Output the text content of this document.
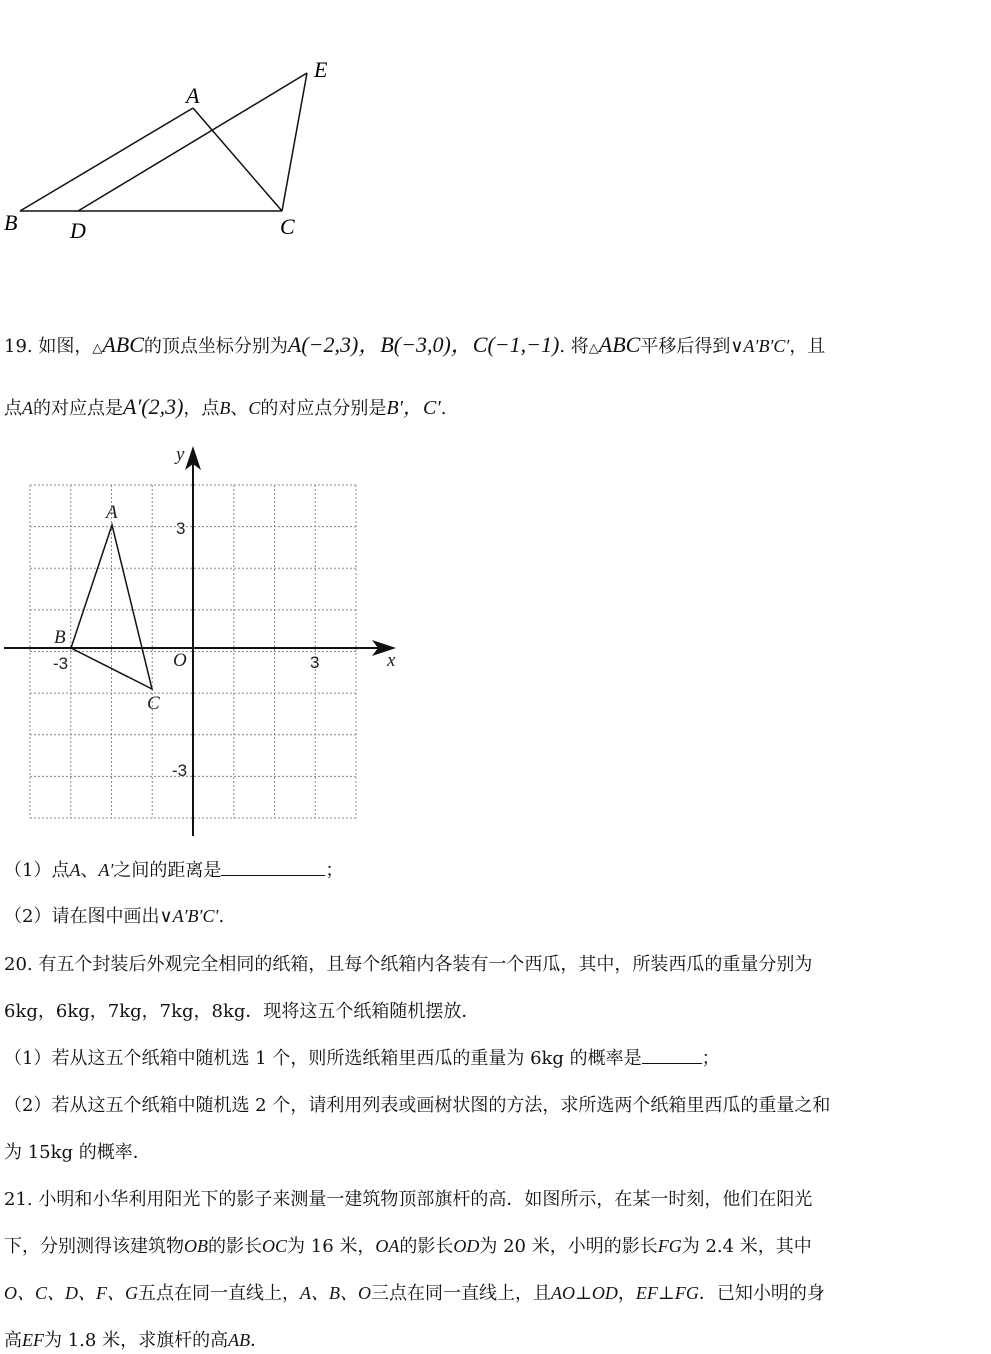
A
E
B D	C
19. 如图，△ABC的顶点坐标分别为A(−2,3)，B(−3,0)，C(−1,−1). 将△ABC平移后得到∨A′B′C′，且
点A的对应点是A′(2,3)，点B、C的对应点分别是B′，C′.
x
y
O
-3	3
3
-3
A
B
C
（1）点A、A′之间的距离是	；
（2）请在图中画出∨A′B′C′.
20. 有五个封装后外观完全相同的纸箱，且每个纸箱内各装有一个西瓜，其中，所装西瓜的重量分别为
6kg，6kg，7kg，7kg，8kg．现将这五个纸箱随机摆放．
（1）若从这五个纸箱中随机选 1 个，则所选纸箱里西瓜的重量为 6kg 的概率是	；
（2）若从这五个纸箱中随机选 2 个，请利用列表或画树状图的方法，求所选两个纸箱里西瓜的重量之和
为 15kg 的概率．
21. 小明和小华利用阳光下的影子来测量一建筑物顶部旗杆的高．如图所示，在某一时刻，他们在阳光
下，分别测得该建筑物OB的影长OC为 16 米，OA的影长OD为 20 米，小明的影长FG为 2.4 米，其中
O、C、D、F、G五点在同一直线上，A、B、O三点在同一直线上，且AO⊥OD，EF⊥FG．已知小明的身
高EF为 1.8 米，求旗杆的高AB．
